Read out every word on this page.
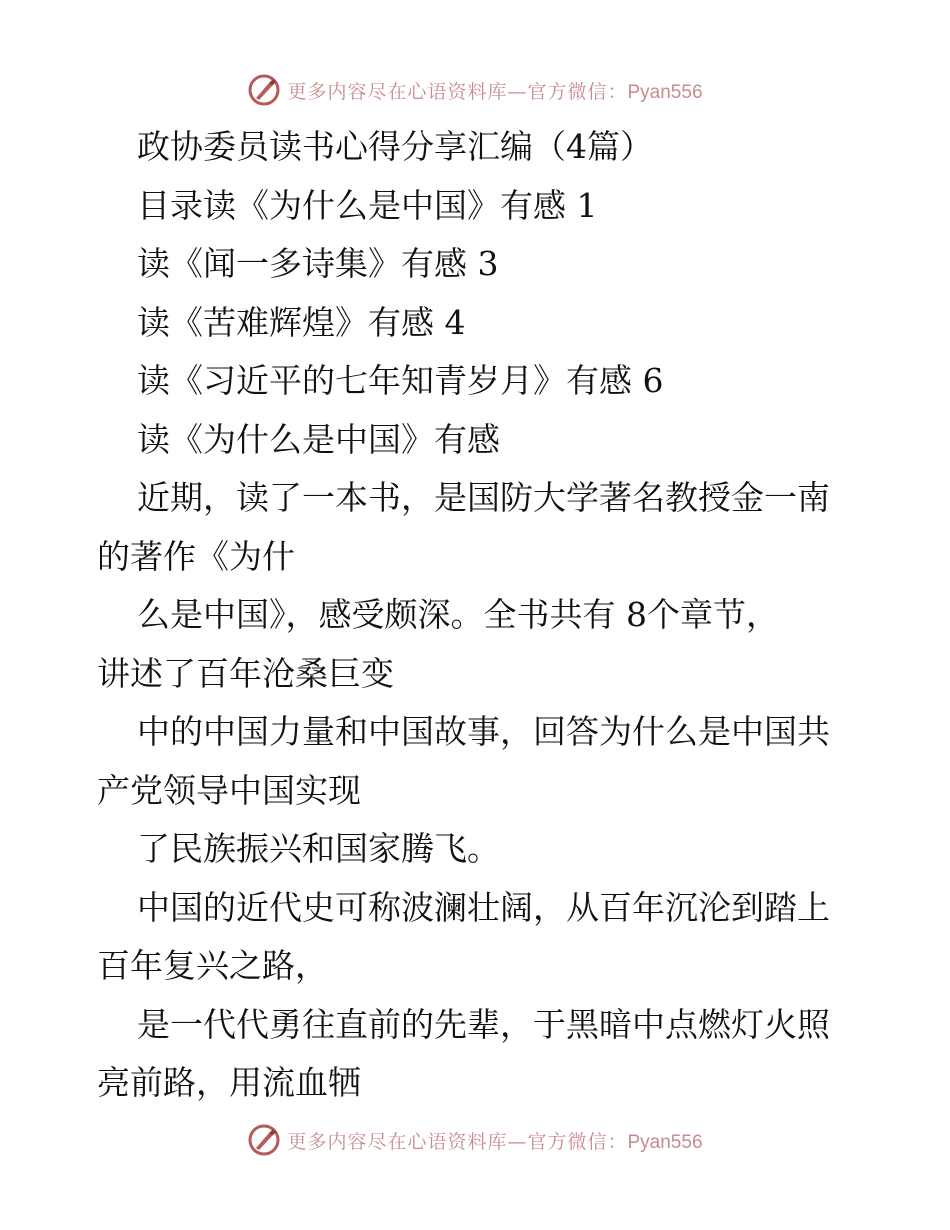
更多内容尽在心语资料库—官方微信：Pyan556

政协委员读书心得分享汇编（4篇）

目录读《为什么是中国》有感 1

读《闻一多诗集》有感 3

读《苦难辉煌》有感 4

读《习近平的七年知青岁月》有感 6

读《为什么是中国》有感

近期，读了一本书，是国防大学著名教授金一南

的著作《为什

么是中国》，感受颇深。全书共有 8个章节，

讲述了百年沧桑巨变

中的中国力量和中国故事，回答为什么是中国共

产党领导中国实现

了民族振兴和国家腾飞。

中国的近代史可称波澜壮阔，从百年沉沦到踏上

百年复兴之路，

是一代代勇往直前的先辈，于黑暗中点燃灯火照

亮前路，用流血牺

更多内容尽在心语资料库—官方微信：Pyan556
